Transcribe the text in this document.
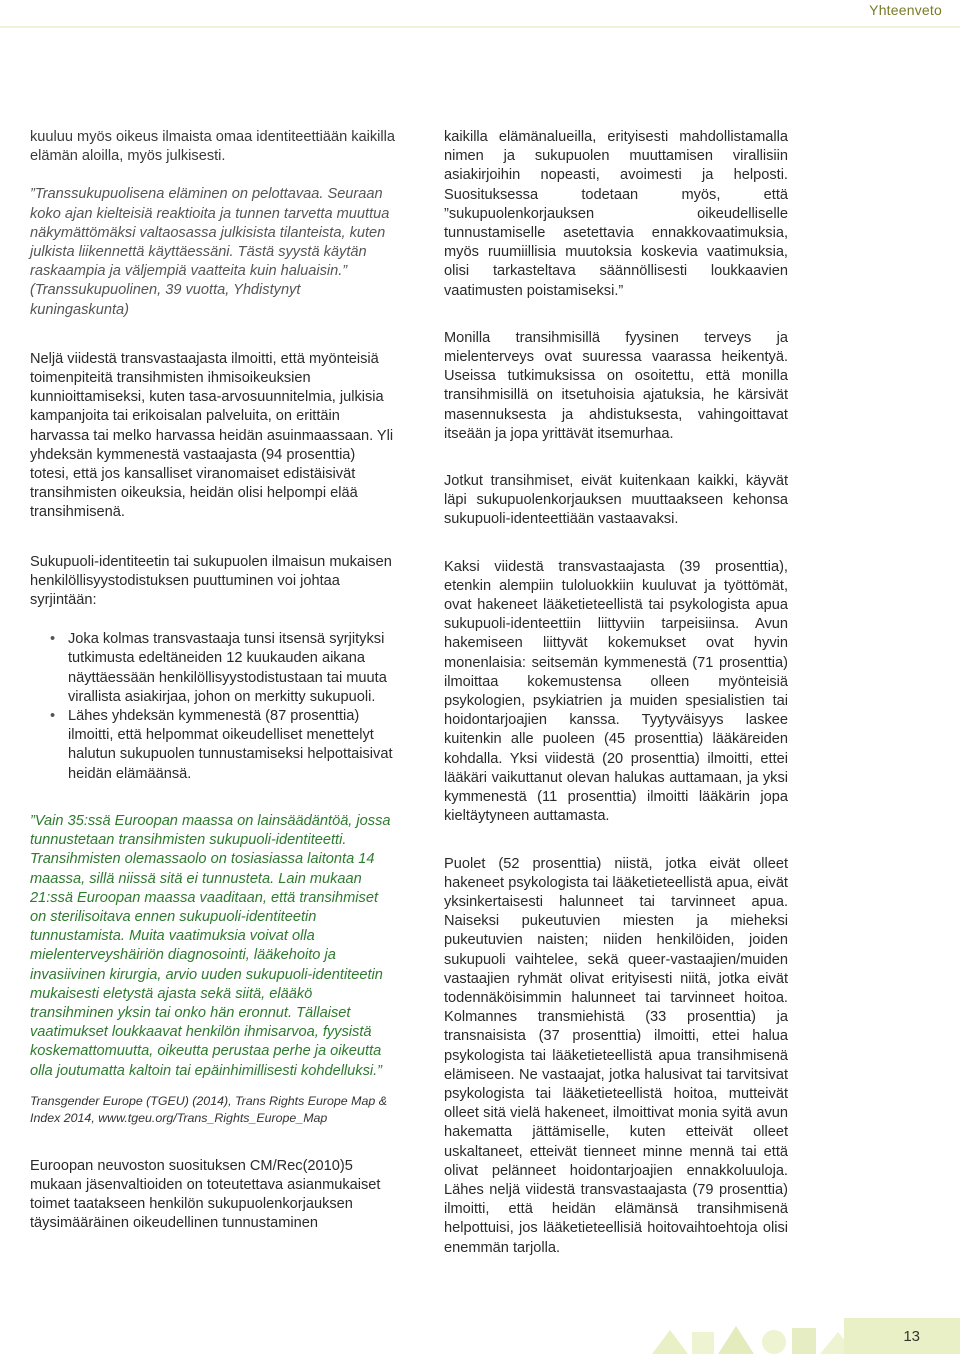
Yhteenveto

kuuluu myös oikeus ilmaista omaa identiteettiään kaikilla elämän aloilla, myös julkisesti.

”Transsukupuolisena eläminen on pelottavaa. Seuraan koko ajan kielteisiä reaktioita ja tunnen tarvetta muuttua näkymättömäksi valtaosassa julkisista tilanteista, kuten julkista liikennettä käyttäessäni. Tästä syystä käytän raskaampia ja väljempiä vaatteita kuin haluaisin.” (Transsukupuolinen, 39 vuotta, Yhdistynyt kuningaskunta)

Neljä viidestä transvastaajasta ilmoitti, että myönteisiä toimenpiteitä transihmisten ihmisoikeuksien kunnioittamiseksi, kuten tasa-arvosuunnitelmia, julkisia kampanjoita tai erikoisalan palveluita, on erittäin harvassa tai melko harvassa heidän asuinmaassaan. Yli yhdeksän kymmenestä vastaajasta (94 prosenttia) totesi, että jos kansalliset viranomaiset edistäisivät transihmisten oikeuksia, heidän olisi helpompi elää transihmisenä.

Sukupuoli-identiteetin tai sukupuolen ilmaisun mukaisen henkilöllisyystodistuksen puuttuminen voi johtaa syrjintään:

• Joka kolmas transvastaaja tunsi itsensä syrjityksi tutkimusta edeltäneiden 12 kuukauden aikana näyttäessään henkilöllisyystodistustaan tai muuta virallista asiakirjaa, johon on merkitty sukupuoli.
• Lähes yhdeksän kymmenestä (87 prosenttia) ilmoitti, että helpommat oikeudelliset menettelyt halutun sukupuolen tunnustamiseksi helpottaisivat heidän elämäänsä.

”Vain 35:ssä Euroopan maassa on lainsäädäntöä, jossa tunnustetaan transihmisten sukupuoli-identiteetti. Transihmisten olemassaolo on tosiasiassa laitonta 14 maassa, sillä niissä sitä ei tunnusteta. Lain mukaan 21:ssä Euroopan maassa vaaditaan, että transihmiset on sterilisoitava ennen sukupuoli-identiteetin tunnustamista. Muita vaatimuksia voivat olla mielenterveyshäiriön diagnosointi, lääkehoito ja invasiivinen kirurgia, arvio uuden sukupuoli-identiteetin mukaisesti eletystä ajasta sekä siitä, elääkö transihminen yksin tai onko hän eronnut. Tällaiset vaatimukset loukkaavat henkilön ihmisarvoa, fyysistä koskemattomuutta, oikeutta perustaa perhe ja oikeutta olla joutumatta kaltoin tai epäinhimillisesti kohdelluksi.”

Transgender Europe (TGEU) (2014), Trans Rights Europe Map & Index 2014, www.tgeu.org/Trans_Rights_Europe_Map

Euroopan neuvoston suosituksen CM/Rec(2010)5 mukaan jäsenvaltioiden on toteutettava asianmukaiset toimet taatakseen henkilön sukupuolenkorjauksen täysimääräinen oikeudellinen tunnustaminen

kaikilla elämänalueilla, erityisesti mahdollistamalla nimen ja sukupuolen muuttamisen virallisiin asiakirjoihin nopeasti, avoimesti ja helposti. Suosituksessa todetaan myös, että ”sukupuolenkorjauksen oikeudelliselle tunnustamiselle asetettavia ennakkovaatimuksia, myös ruumiillisia muutoksia koskevia vaatimuksia, olisi tarkasteltava säännöllisesti loukkaavien vaatimusten poistamiseksi.”

Monilla transihmisillä fyysinen terveys ja mielenterveys ovat suuressa vaarassa heikentyä. Useissa tutkimuksissa on osoitettu, että monilla transihmisillä on itsetuhoisia ajatuksia, he kärsivät masennuksesta ja ahdistuksesta, vahingoittavat itseään ja jopa yrittävät itsemurhaa.

Jotkut transihmiset, eivät kuitenkaan kaikki, käyvät läpi sukupuolenkorjauksen muuttaakseen kehonsa sukupuoli-identeettiään vastaavaksi.

Kaksi viidestä transvastaajasta (39 prosenttia), etenkin alempiin tuloluokkiin kuuluvat ja työttömät, ovat hakeneet lääketieteellistä tai psykologista apua sukupuoli-identeettiin liittyviin tarpeisiinsa. Avun hakemiseen liittyvät kokemukset ovat hyvin monenlaisia: seitsemän kymmenestä (71 prosenttia) ilmoittaa kokemustensa olleen myönteisiä psykologien, psykiatrien ja muiden spesialistien tai hoidontarjoajien kanssa. Tyytyväisyys laskee kuitenkin alle puoleen (45 prosenttia) lääkäreiden kohdalla. Yksi viidestä (20 prosenttia) ilmoitti, ettei lääkäri vaikuttanut olevan halukas auttamaan, ja yksi kymmenestä (11 prosenttia) ilmoitti lääkärin jopa kieltäytyneen auttamasta.

Puolet (52 prosenttia) niistä, jotka eivät olleet hakeneet psykologista tai lääketieteellistä apua, eivät yksinkertaisesti halunneet tai tarvinneet apua. Naiseksi pukeutuvien miesten ja mieheksi pukeutuvien naisten; niiden henkilöiden, joiden sukupuoli vaihtelee, sekä queer-vastaajien/muiden vastaajien ryhmät olivat erityisesti niitä, jotka eivät todennäköisimmin halunneet tai tarvinneet hoitoa. Kolmannes transmiehistä (33 prosenttia) ja transnaisista (37 prosenttia) ilmoitti, ettei halua psykologista tai lääketieteellistä apua transihmisenä elämiseen. Ne vastaajat, jotka halusivat tai tarvitsivat psykologista tai lääketieteellistä hoitoa, mutteivät olleet sitä vielä hakeneet, ilmoittivat monia syitä avun hakematta jättämiselle, kuten etteivät olleet uskaltaneet, etteivät tienneet minne mennä tai että olivat pelänneet hoidontarjoajien ennakkoluuloja. Lähes neljä viidestä transvastaajasta (79 prosenttia) ilmoitti, että heidän elämänsä transihmisenä helpottuisi, jos lääketieteellisiä hoitovaihtoehtoja olisi enemmän tarjolla.

13
